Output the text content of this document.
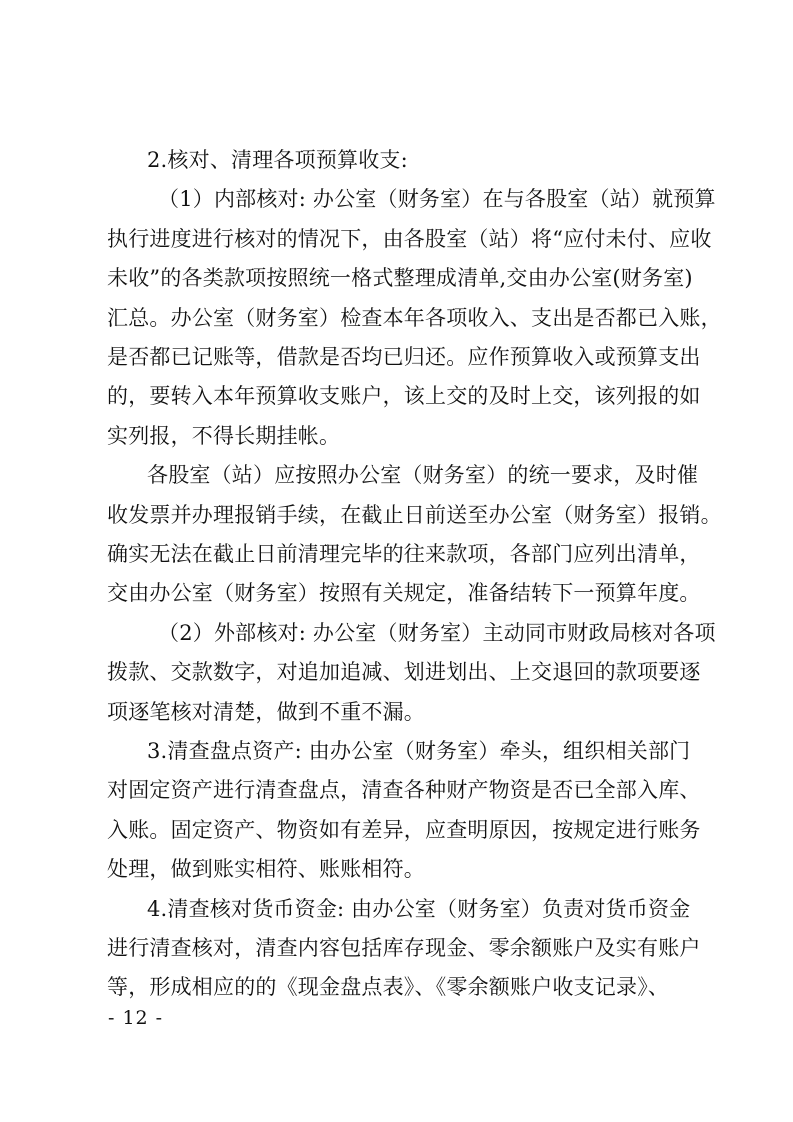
2.核对、清理各项预算收支:
（1）内部核对: 办公室（财务室）在与各股室（站）就预算
执行进度进行核对的情况下，由各股室（站）将“应付未付、应收
未收”的各类款项按照统一格式整理成清单,交由办公室(财务室)
汇总。办公室（财务室）检查本年各项收入、支出是否都已入账，
是否都已记账等，借款是否均已归还。应作预算收入或预算支出
的，要转入本年预算收支账户，该上交的及时上交，该列报的如
实列报，不得长期挂帐。
各股室（站）应按照办公室（财务室）的统一要求，及时催
收发票并办理报销手续，在截止日前送至办公室（财务室）报销。
确实无法在截止日前清理完毕的往来款项，各部门应列出清单，
交由办公室（财务室）按照有关规定，准备结转下一预算年度。
（2）外部核对: 办公室（财务室）主动同市财政局核对各项
拨款、交款数字，对追加追减、划进划出、上交退回的款项要逐
项逐笔核对清楚，做到不重不漏。
3.清查盘点资产: 由办公室（财务室）牵头，组织相关部门
对固定资产进行清查盘点，清查各种财产物资是否已全部入库、
入账。固定资产、物资如有差异，应查明原因，按规定进行账务
处理，做到账实相符、账账相符。
4.清查核对货币资金: 由办公室（财务室）负责对货币资金
进行清查核对，清查内容包括库存现金、零余额账户及实有账户
等，形成相应的的《现金盘点表》、《零余额账户收支记录》、
- 12 -
